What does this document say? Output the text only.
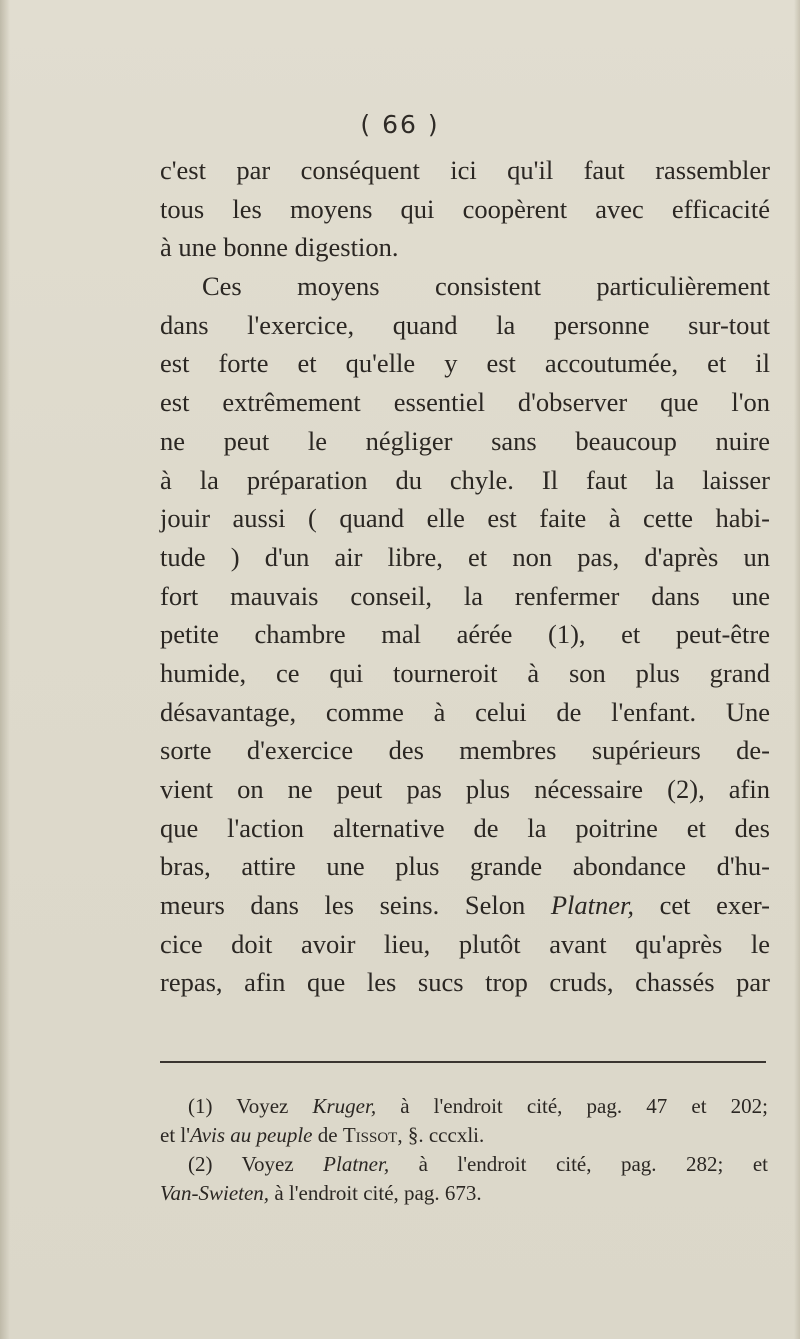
( 66 )
c'est par conséquent ici qu'il faut rassembler
tous les moyens qui coopèrent avec efficacité
à une bonne digestion.
Ces moyens consistent particulièrement
dans l'exercice, quand la personne sur-tout
est forte et qu'elle y est accoutumée, et il
est extrêmement essentiel d'observer que l'on
ne peut le négliger sans beaucoup nuire
à la préparation du chyle. Il faut la laisser
jouir aussi ( quand elle est faite à cette habi-
tude ) d'un air libre, et non pas, d'après un
fort mauvais conseil, la renfermer dans une
petite chambre mal aérée (1), et peut-être
humide, ce qui tourneroit à son plus grand
désavantage, comme à celui de l'enfant. Une
sorte d'exercice des membres supérieurs de-
vient on ne peut pas plus nécessaire (2), afin
que l'action alternative de la poitrine et des
bras, attire une plus grande abondance d'hu-
meurs dans les seins. Selon Platner, cet exer-
cice doit avoir lieu, plutôt avant qu'après le
repas, afin que les sucs trop cruds, chassés par
(1) Voyez Kruger, à l'endroit cité, pag. 47 et 202;
et l'Avis au peuple de Tissot, §. cccxli.
(2) Voyez Platner, à l'endroit cité, pag. 282; et
Van-Swieten, à l'endroit cité, pag. 673.
